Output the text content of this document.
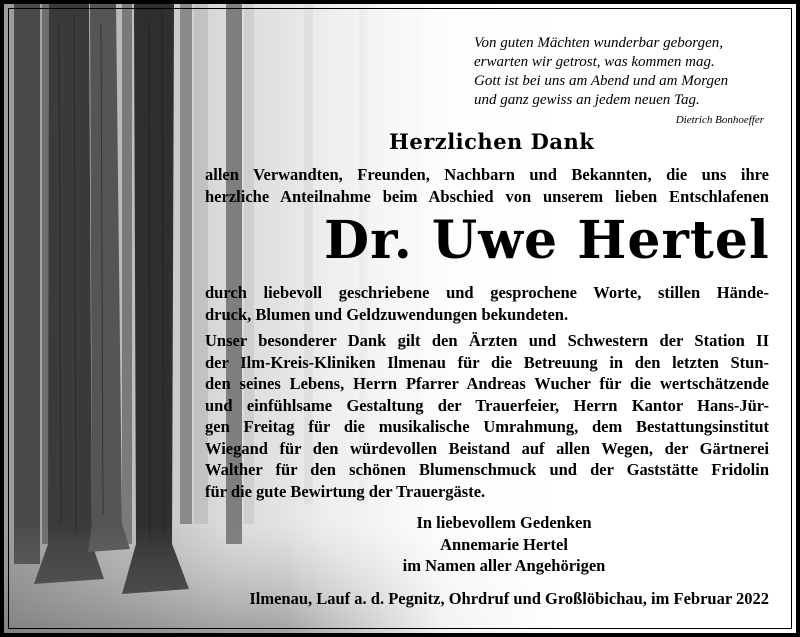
Von guten Mächten wunderbar geborgen,
erwarten wir getrost, was kommen mag.
Gott ist bei uns am Abend und am Morgen
und ganz gewiss an jedem neuen Tag.
Dietrich Bonhoeffer
Herzlichen Dank
allen Verwandten, Freunden, Nachbarn und Bekannten, die uns ihre
herzliche Anteilnahme beim Abschied von unserem lieben Entschlafenen
Dr. Uwe Hertel
durch liebevoll geschriebene und gesprochene Worte, stillen Hände-
druck, Blumen und Geldzuwendungen bekundeten.
Unser besonderer Dank gilt den Ärzten und Schwestern der Station II
der Ilm-Kreis-Kliniken Ilmenau für die Betreuung in den letzten Stun-
den seines Lebens, Herrn Pfarrer Andreas Wucher für die wertschätzende
und einfühlsame Gestaltung der Trauerfeier, Herrn Kantor Hans-Jür-
gen Freitag für die musikalische Umrahmung, dem Bestattungsinstitut
Wiegand für den würdevollen Beistand auf allen Wegen, der Gärtnerei
Walther für den schönen Blumenschmuck und der Gaststätte Fridolin
für die gute Bewirtung der Trauergäste.
In liebevollem Gedenken
Annemarie Hertel
im Namen aller Angehörigen
Ilmenau, Lauf a. d. Pegnitz, Ohrdruf und Großlöbichau, im Februar 2022
